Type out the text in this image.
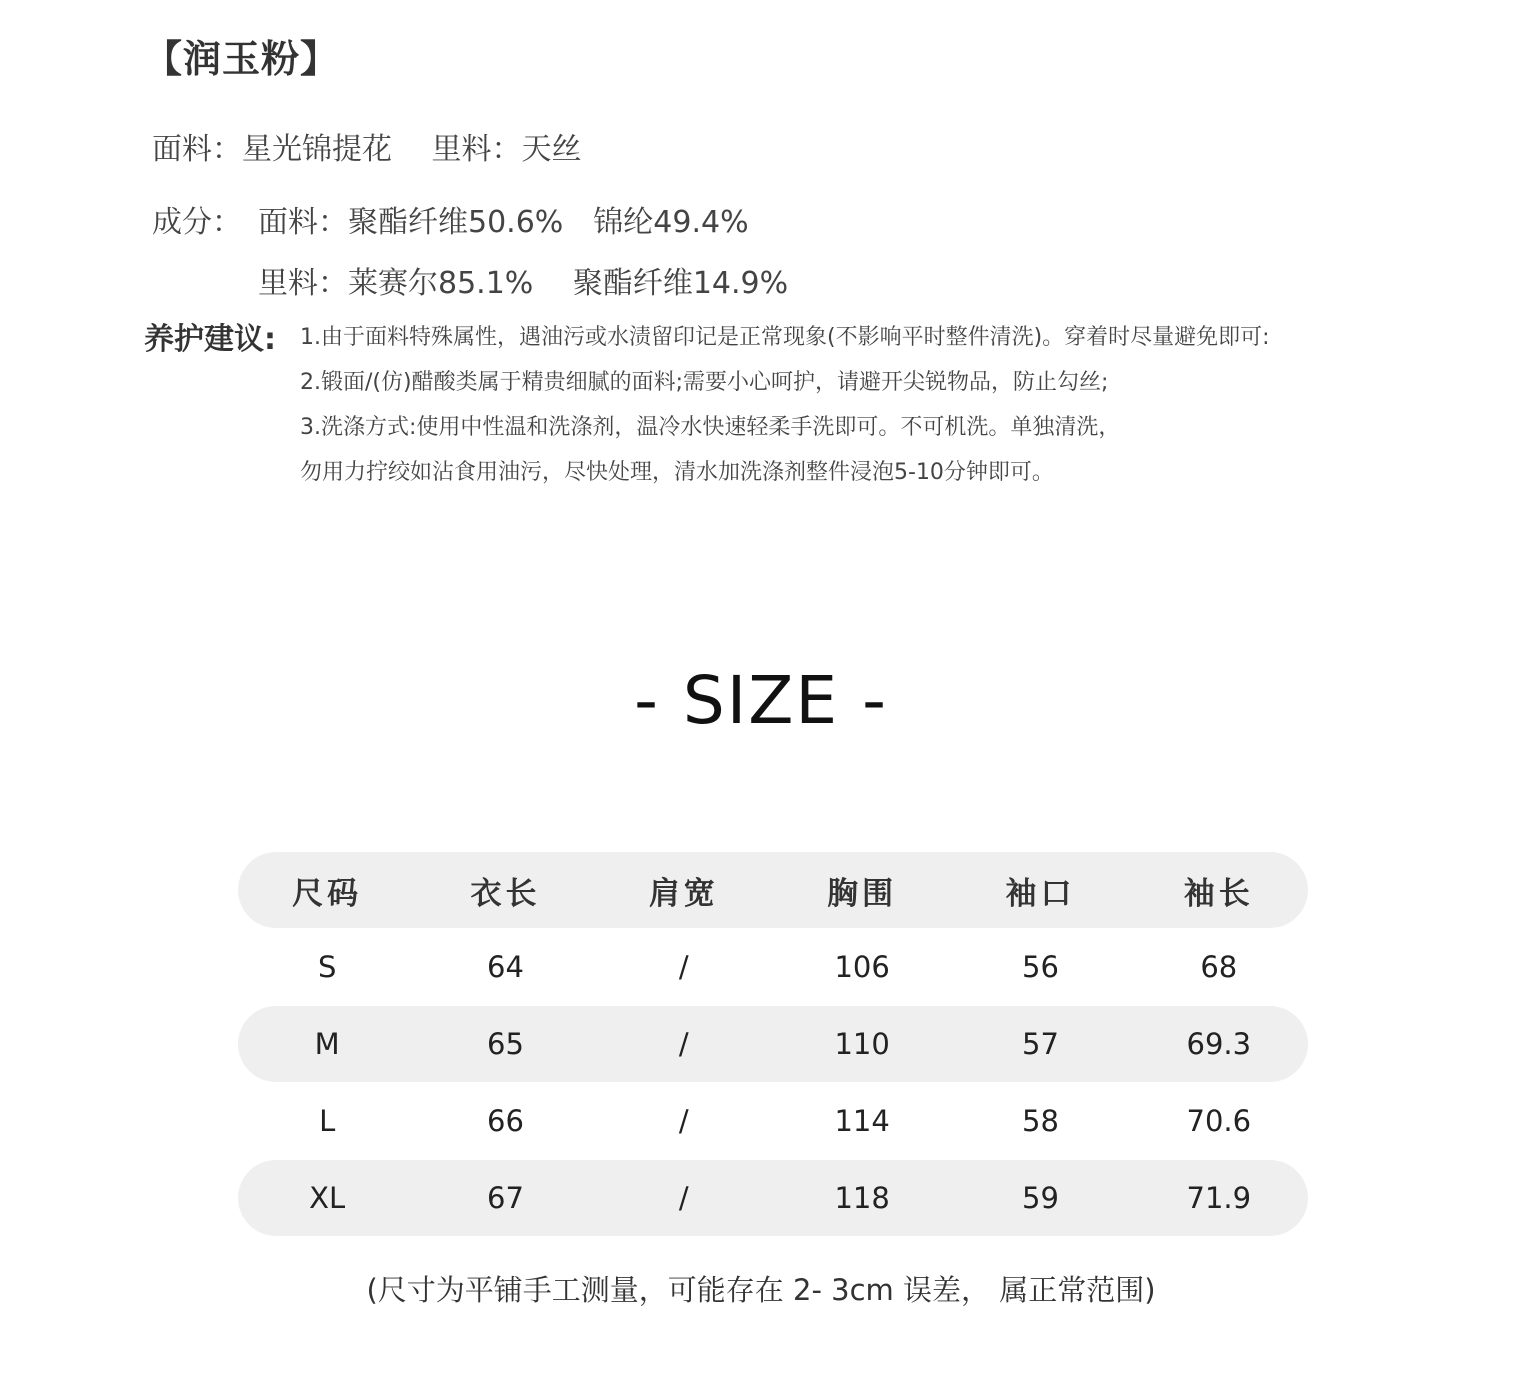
【润玉粉】
面料：星光锦提花　 里料：天丝
成分： 面料：聚酯纤维50.6%　锦纶49.4%
里料：莱赛尔85.1%　 聚酯纤维14.9%
养护建议: 1.由于面料特殊属性，遇油污或水渍留印记是正常现象(不影响平时整件清洗)。穿着时尽量避免即可:
2.锻面/(仿)醋酸类属于精贵细腻的面料;需要小心呵护，请避开尖锐物品，防止勾丝;
3.洗涤方式:使用中性温和洗涤剂，温冷水快速轻柔手洗即可。不可机洗。单独清洗，
勿用力拧绞如沾食用油污，尽快处理，清水加洗涤剂整件浸泡5-10分钟即可。
- SIZE -
尺码	衣长	肩宽	胸围	袖口	袖长
S	64	/	106	56	68
M	65	/	110	57	69.3
L	66	/	114	58	70.6
XL	67	/	118	59	71.9
(尺寸为平铺手工测量，可能存在 2- 3cm 误差， 属正常范围)
